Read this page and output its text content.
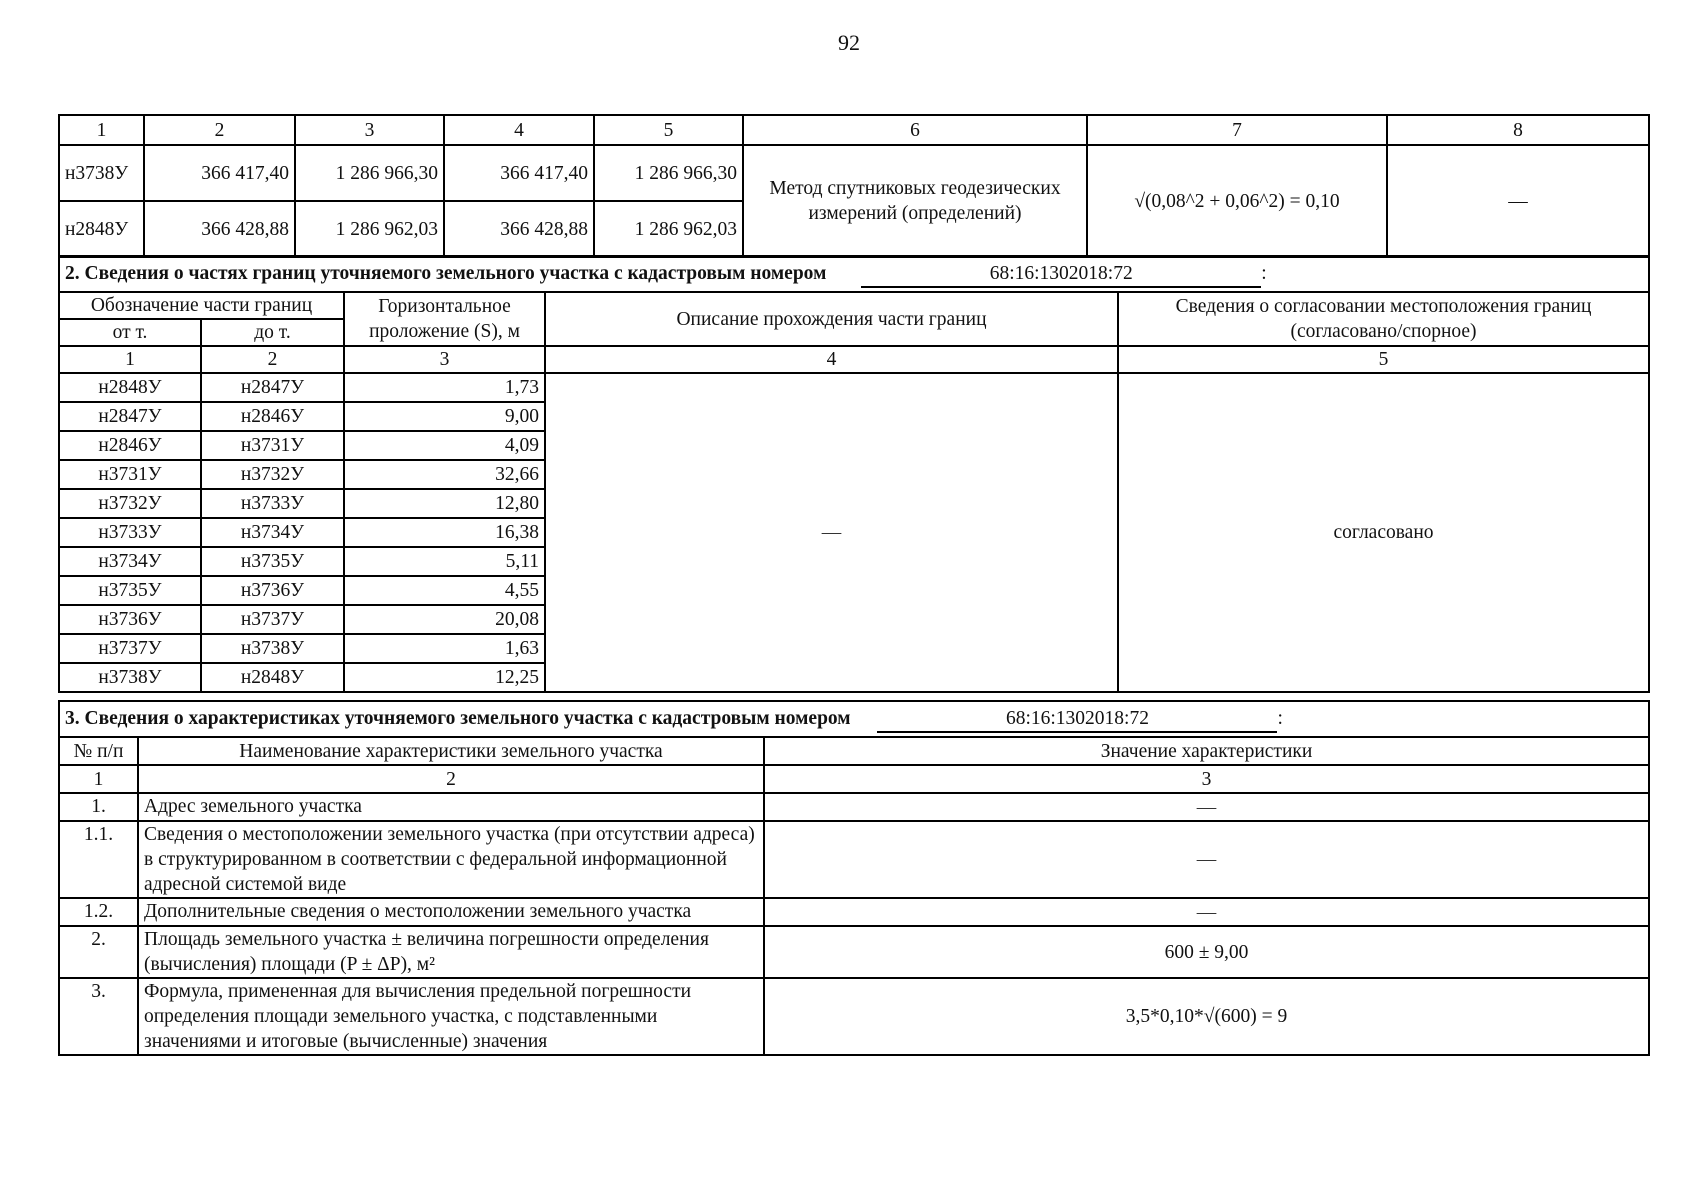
92
1	2	3	4	5	6	7	8
н3738У	366 417,40	1 286 966,30	366 417,40	1 286 966,30	Метод спутниковых геодезических измерений (определений)	√(0,08^2 + 0,06^2) = 0,10	—
н2848У	366 428,88	1 286 962,03	366 428,88	1 286 962,03			
2. Сведения о частях границ уточняемого земельного участка с кадастровым номером 68:16:1302018:72 :				
Обозначение части границ		Горизонтальное проложение (S), м	Описание прохождения части границ	Сведения о согласовании местоположения границ (согласовано/спорное)
от т.	до т.			
1	2	3	4	5
н2848У	н2847У	1,73	—	согласовано
н2847У	н2846У	9,00		
н2846У	н3731У	4,09		
н3731У	н3732У	32,66		
н3732У	н3733У	12,80		
н3733У	н3734У	16,38		
н3734У	н3735У	5,11		
н3735У	н3736У	4,55		
н3736У	н3737У	20,08		
н3737У	н3738У	1,63		
н3738У	н2848У	12,25		
3. Сведения о характеристиках уточняемого земельного участка с кадастровым номером 68:16:1302018:72 :		
№ п/п	Наименование характеристики земельного участка	Значение характеристики
1	2	3
1.	Адрес земельного участка	—
1.1.	Сведения о местоположении земельного участка (при отсутствии адреса) в структурированном в соответствии с федеральной информационной адресной системой виде	—
1.2.	Дополнительные сведения о местоположении земельного участка	—
2.	Площадь земельного участка ± величина погрешности определения (вычисления) площади (P ± ΔP), м²	600 ± 9,00
3.	Формула, примененная для вычисления предельной погрешности определения площади земельного участка, с подставленными значениями и итоговые (вычисленные) значения	3,5*0,10*√(600) = 9
